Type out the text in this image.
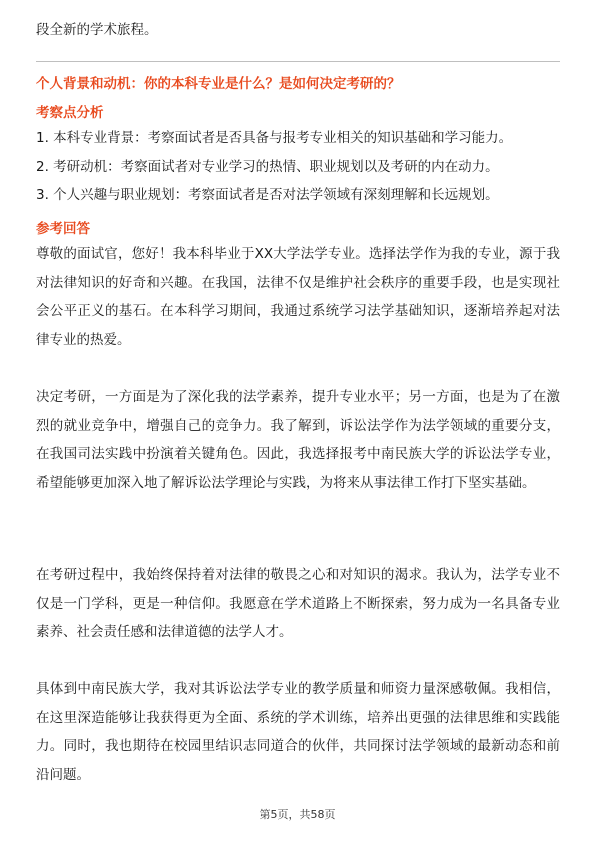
段全新的学术旅程。

个人背景和动机：你的本科专业是什么？是如何决定考研的？

考察点分析

1. 本科专业背景：考察面试者是否具备与报考专业相关的知识基础和学习能力。
2. 考研动机：考察面试者对专业学习的热情、职业规划以及考研的内在动力。
3. 个人兴趣与职业规划：考察面试者是否对法学领域有深刻理解和长远规划。

参考回答

尊敬的面试官，您好！我本科毕业于XX大学法学专业。选择法学作为我的专业，源于我对法律知识的好奇和兴趣。在我国，法律不仅是维护社会秩序的重要手段，也是实现社会公平正义的基石。在本科学习期间，我通过系统学习法学基础知识，逐渐培养起对法律专业的热爱。

决定考研，一方面是为了深化我的法学素养，提升专业水平；另一方面，也是为了在激烈的就业竞争中，增强自己的竞争力。我了解到，诉讼法学作为法学领域的重要分支，在我国司法实践中扮演着关键角色。因此，我选择报考中南民族大学的诉讼法学专业，希望能够更加深入地了解诉讼法学理论与实践，为将来从事法律工作打下坚实基础。

在考研过程中，我始终保持着对法律的敬畏之心和对知识的渴求。我认为，法学专业不仅是一门学科，更是一种信仰。我愿意在学术道路上不断探索，努力成为一名具备专业素养、社会责任感和法律道德的法学人才。

具体到中南民族大学，我对其诉讼法学专业的教学质量和师资力量深感敬佩。我相信，在这里深造能够让我获得更为全面、系统的学术训练，培养出更强的法律思维和实践能力。同时，我也期待在校园里结识志同道合的伙伴，共同探讨法学领域的最新动态和前沿问题。

第5页，共58页
